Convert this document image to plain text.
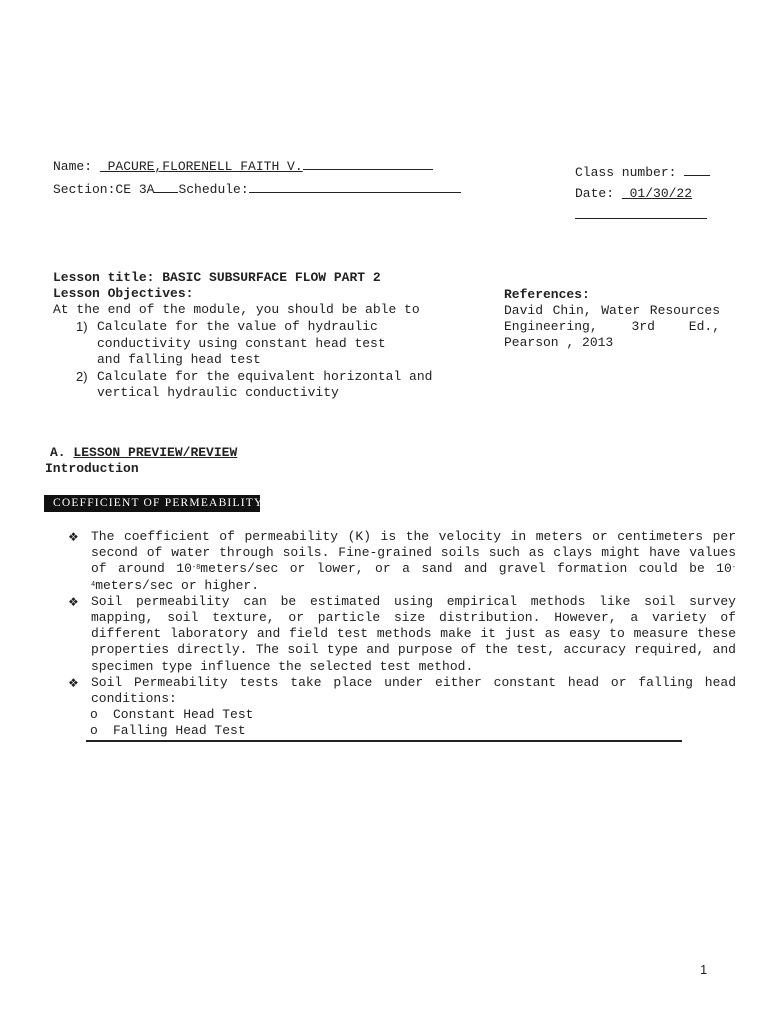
Name:  PACURE,FLORENELL FAITH V.
Section:CE 3A Schedule:
Class number:
Date:  01/30/22
Lesson title: BASIC SUBSURFACE FLOW PART 2
Lesson Objectives:
At the end of the module, you should be able to
1) Calculate for the value of hydraulic
conductivity using constant head test
and falling head test
2) Calculate for the equivalent horizontal and
vertical hydraulic conductivity
References:
David Chin, Water Resources Engineering, 3rd Ed., Pearson , 2013
A. LESSON PREVIEW/REVIEW
Introduction
COEFFICIENT OF PERMEABILITY
❖ The coefficient of permeability (K) is the velocity in meters or centimeters per second of water through soils. Fine-grained soils such as clays might have values of around $10^{-8}meters/\sec$ or lower, or a sand and gravel formation could be $10^{-4}meters/\sec$ or higher.
❖ Soil permeability can be estimated using empirical methods like soil survey mapping, soil texture, or particle size distribution. However, a variety of different laboratory and field test methods make it just as easy to measure these properties directly. The soil type and purpose of the test, accuracy required, and specimen type influence the selected test method.
❖ Soil Permeability tests take place under either constant head or falling head conditions:
o Constant Head Test
o Falling Head Test
1
